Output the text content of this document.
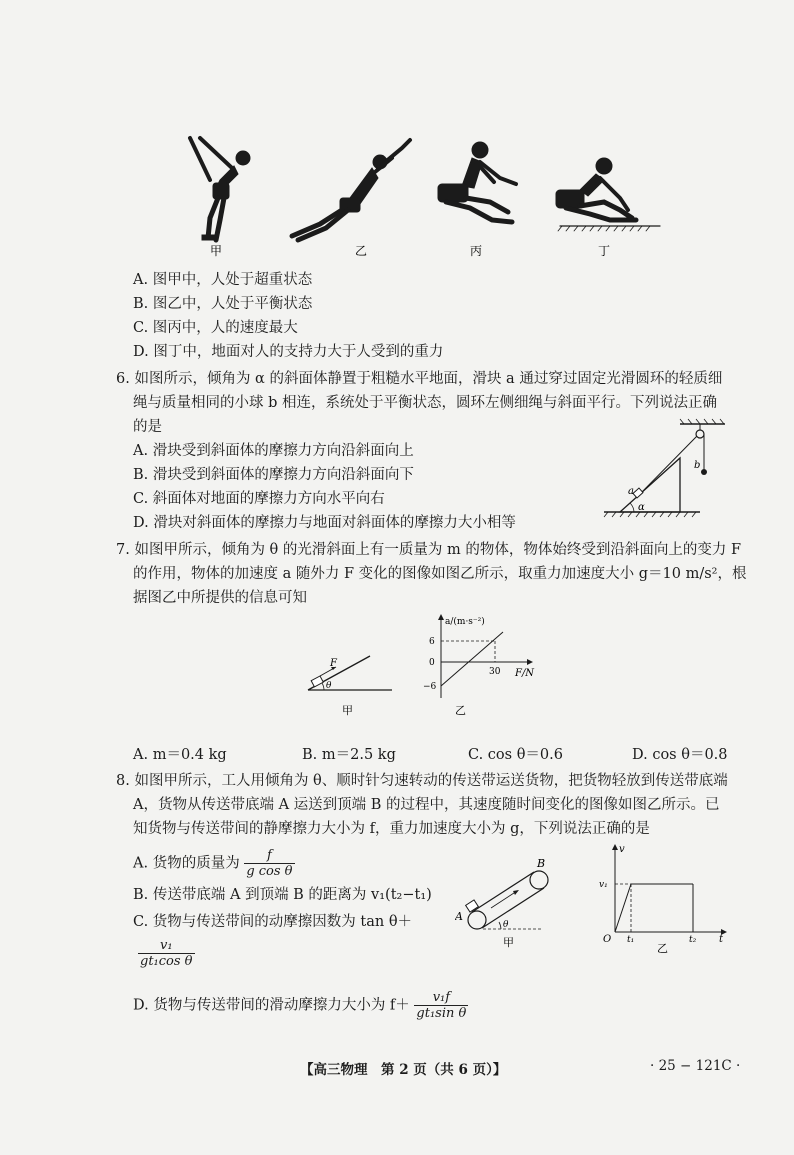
甲	乙	丙	丁
A. 图甲中，人处于超重状态
B. 图乙中，人处于平衡状态
C. 图丙中，人的速度最大
D. 图丁中，地面对人的支持力大于人受到的重力
6. 如图所示，倾角为 α 的斜面体静置于粗糙水平地面，滑块 a 通过穿过固定光滑圆环的轻质细
绳与质量相同的小球 b 相连，系统处于平衡状态，圆环左侧细绳与斜面平行。下列说法正确
的是
A. 滑块受到斜面体的摩擦力方向沿斜面向上
B. 滑块受到斜面体的摩擦力方向沿斜面向下
C. 斜面体对地面的摩擦力方向水平向右
D. 滑块对斜面体的摩擦力与地面对斜面体的摩擦力大小相等
b
a
α
7. 如图甲所示，倾角为 θ 的光滑斜面上有一质量为 m 的物体，物体始终受到沿斜面向上的变力 F
的作用，物体的加速度 a 随外力 F 变化的图像如图乙所示，取重力加速度大小 g＝10 m/s²，根
据图乙中所提供的信息可知
F
θ
甲
a/(m·s⁻²)
6
0
−6
30 F/N
乙
A. m＝0.4 kg	B. m＝2.5 kg	C. cos θ＝0.6	D. cos θ＝0.8
8. 如图甲所示，工人用倾角为 θ、顺时针匀速转动的传送带运送货物，把货物轻放到传送带底端
A，货物从传送带底端 A 运送到顶端 B 的过程中，其速度随时间变化的图像如图乙所示。已
知货物与传送带间的静摩擦力大小为 f，重力加速度大小为 g，下列说法正确的是
A. 货物的质量为 $\frac{f}{\text{g cos θ}}$
B. 传送带底端 A 到顶端 B 的距离为 v₁(t₂−t₁)
C. 货物与传送带间的动摩擦因数为 tan θ＋
$\frac{\text{v₁}}{\text{gt₁cos θ}}$
D. 货物与传送带间的滑动摩擦力大小为 $f+ \frac{\text{v₁f}}{\text{gt₁sin θ}}$
A
B
θ
甲
v
v₁
O t₁	t₂ t
乙
【高三物理　第 2 页（共 6 页）】	· 25 − 121C ·
